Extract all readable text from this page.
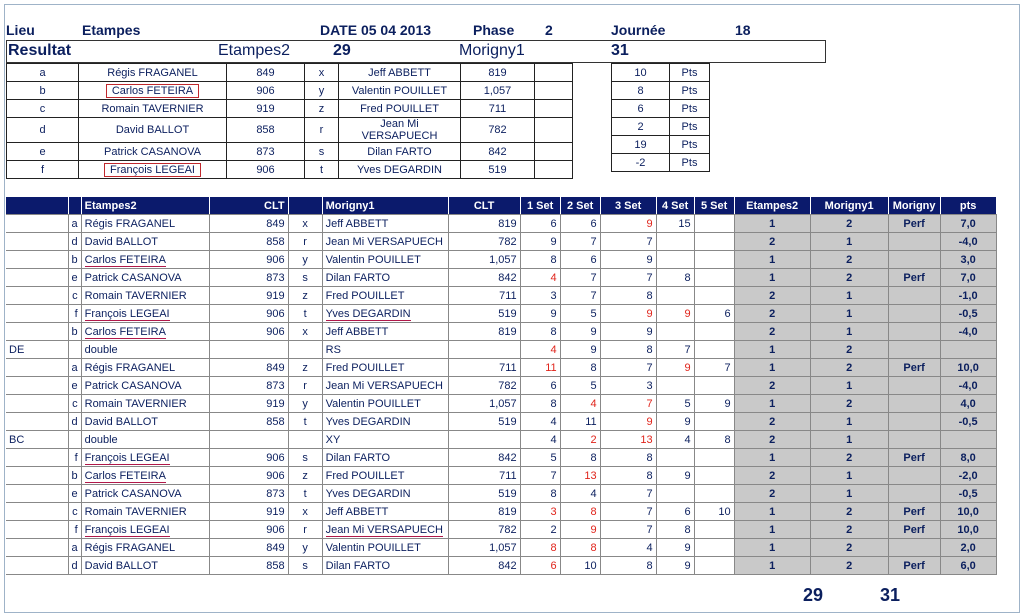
Lieu	Etampes	DATE 05 04 2013	Phase 2	Journée	18
Resultat	Etampes2	29	Morigny1	31
a	Régis FRAGANEL	849	x	Jeff ABBETT	819	
b	Carlos FETEIRA	906	y	Valentin POUILLET	1,057	
c	Romain TAVERNIER	919	z	Fred POUILLET	711	
d	David BALLOT	858	r	Jean Mi VERSAPUECH	782	
e	Patrick CASANOVA	873	s	Dilan FARTO	842	
f	François LEGEAI	906	t	Yves DEGARDIN	519	
10	Pts
8	Pts
6	Pts
2	Pts
19	Pts
-2	Pts
		Etampes2	CLT		Morigny1	CLT	1 Set	2 Set	3 Set	4 Set	5 Set	Etampes2	Morigny1	Morigny	pts
	a	Régis FRAGANEL	849	x	Jeff ABBETT	819	6	6	9	15		1	2	Perf	7,0
	d	David BALLOT	858	r	Jean Mi VERSAPUECH	782	9	7	7			2	1		-4,0
	b	Carlos FETEIRA	906	y	Valentin POUILLET	1,057	8	6	9			1	2		3,0
	e	Patrick CASANOVA	873	s	Dilan FARTO	842	4	7	7	8		1	2	Perf	7,0
	c	Romain TAVERNIER	919	z	Fred POUILLET	711	3	7	8			2	1		-1,0
	f	François LEGEAI	906	t	Yves DEGARDIN	519	9	5	9	9	6	2	1		-0,5
	b	Carlos FETEIRA	906	x	Jeff ABBETT	819	8	9	9			2	1		-4,0
DE		double			RS		4	9	8	7		1	2		
	a	Régis FRAGANEL	849	z	Fred POUILLET	711	11	8	7	9	7	1	2	Perf	10,0
	e	Patrick CASANOVA	873	r	Jean Mi VERSAPUECH	782	6	5	3			2	1		-4,0
	c	Romain TAVERNIER	919	y	Valentin POUILLET	1,057	8	4	7	5	9	1	2		4,0
	d	David BALLOT	858	t	Yves DEGARDIN	519	4	11	9	9		2	1		-0,5
BC		double			XY		4	2	13	4	8	2	1		
	f	François LEGEAI	906	s	Dilan FARTO	842	5	8	8			1	2	Perf	8,0
	b	Carlos FETEIRA	906	z	Fred POUILLET	711	7	13	8	9		2	1		-2,0
	e	Patrick CASANOVA	873	t	Yves DEGARDIN	519	8	4	7			2	1		-0,5
	c	Romain TAVERNIER	919	x	Jeff ABBETT	819	3	8	7	6	10	1	2	Perf	10,0
	f	François LEGEAI	906	r	Jean Mi VERSAPUECH	782	2	9	7	8		1	2	Perf	10,0
	a	Régis FRAGANEL	849	y	Valentin POUILLET	1,057	8	8	4	9		1	2		2,0
	d	David BALLOT	858	s	Dilan FARTO	842	6	10	8	9		1	2	Perf	6,0
29	31
